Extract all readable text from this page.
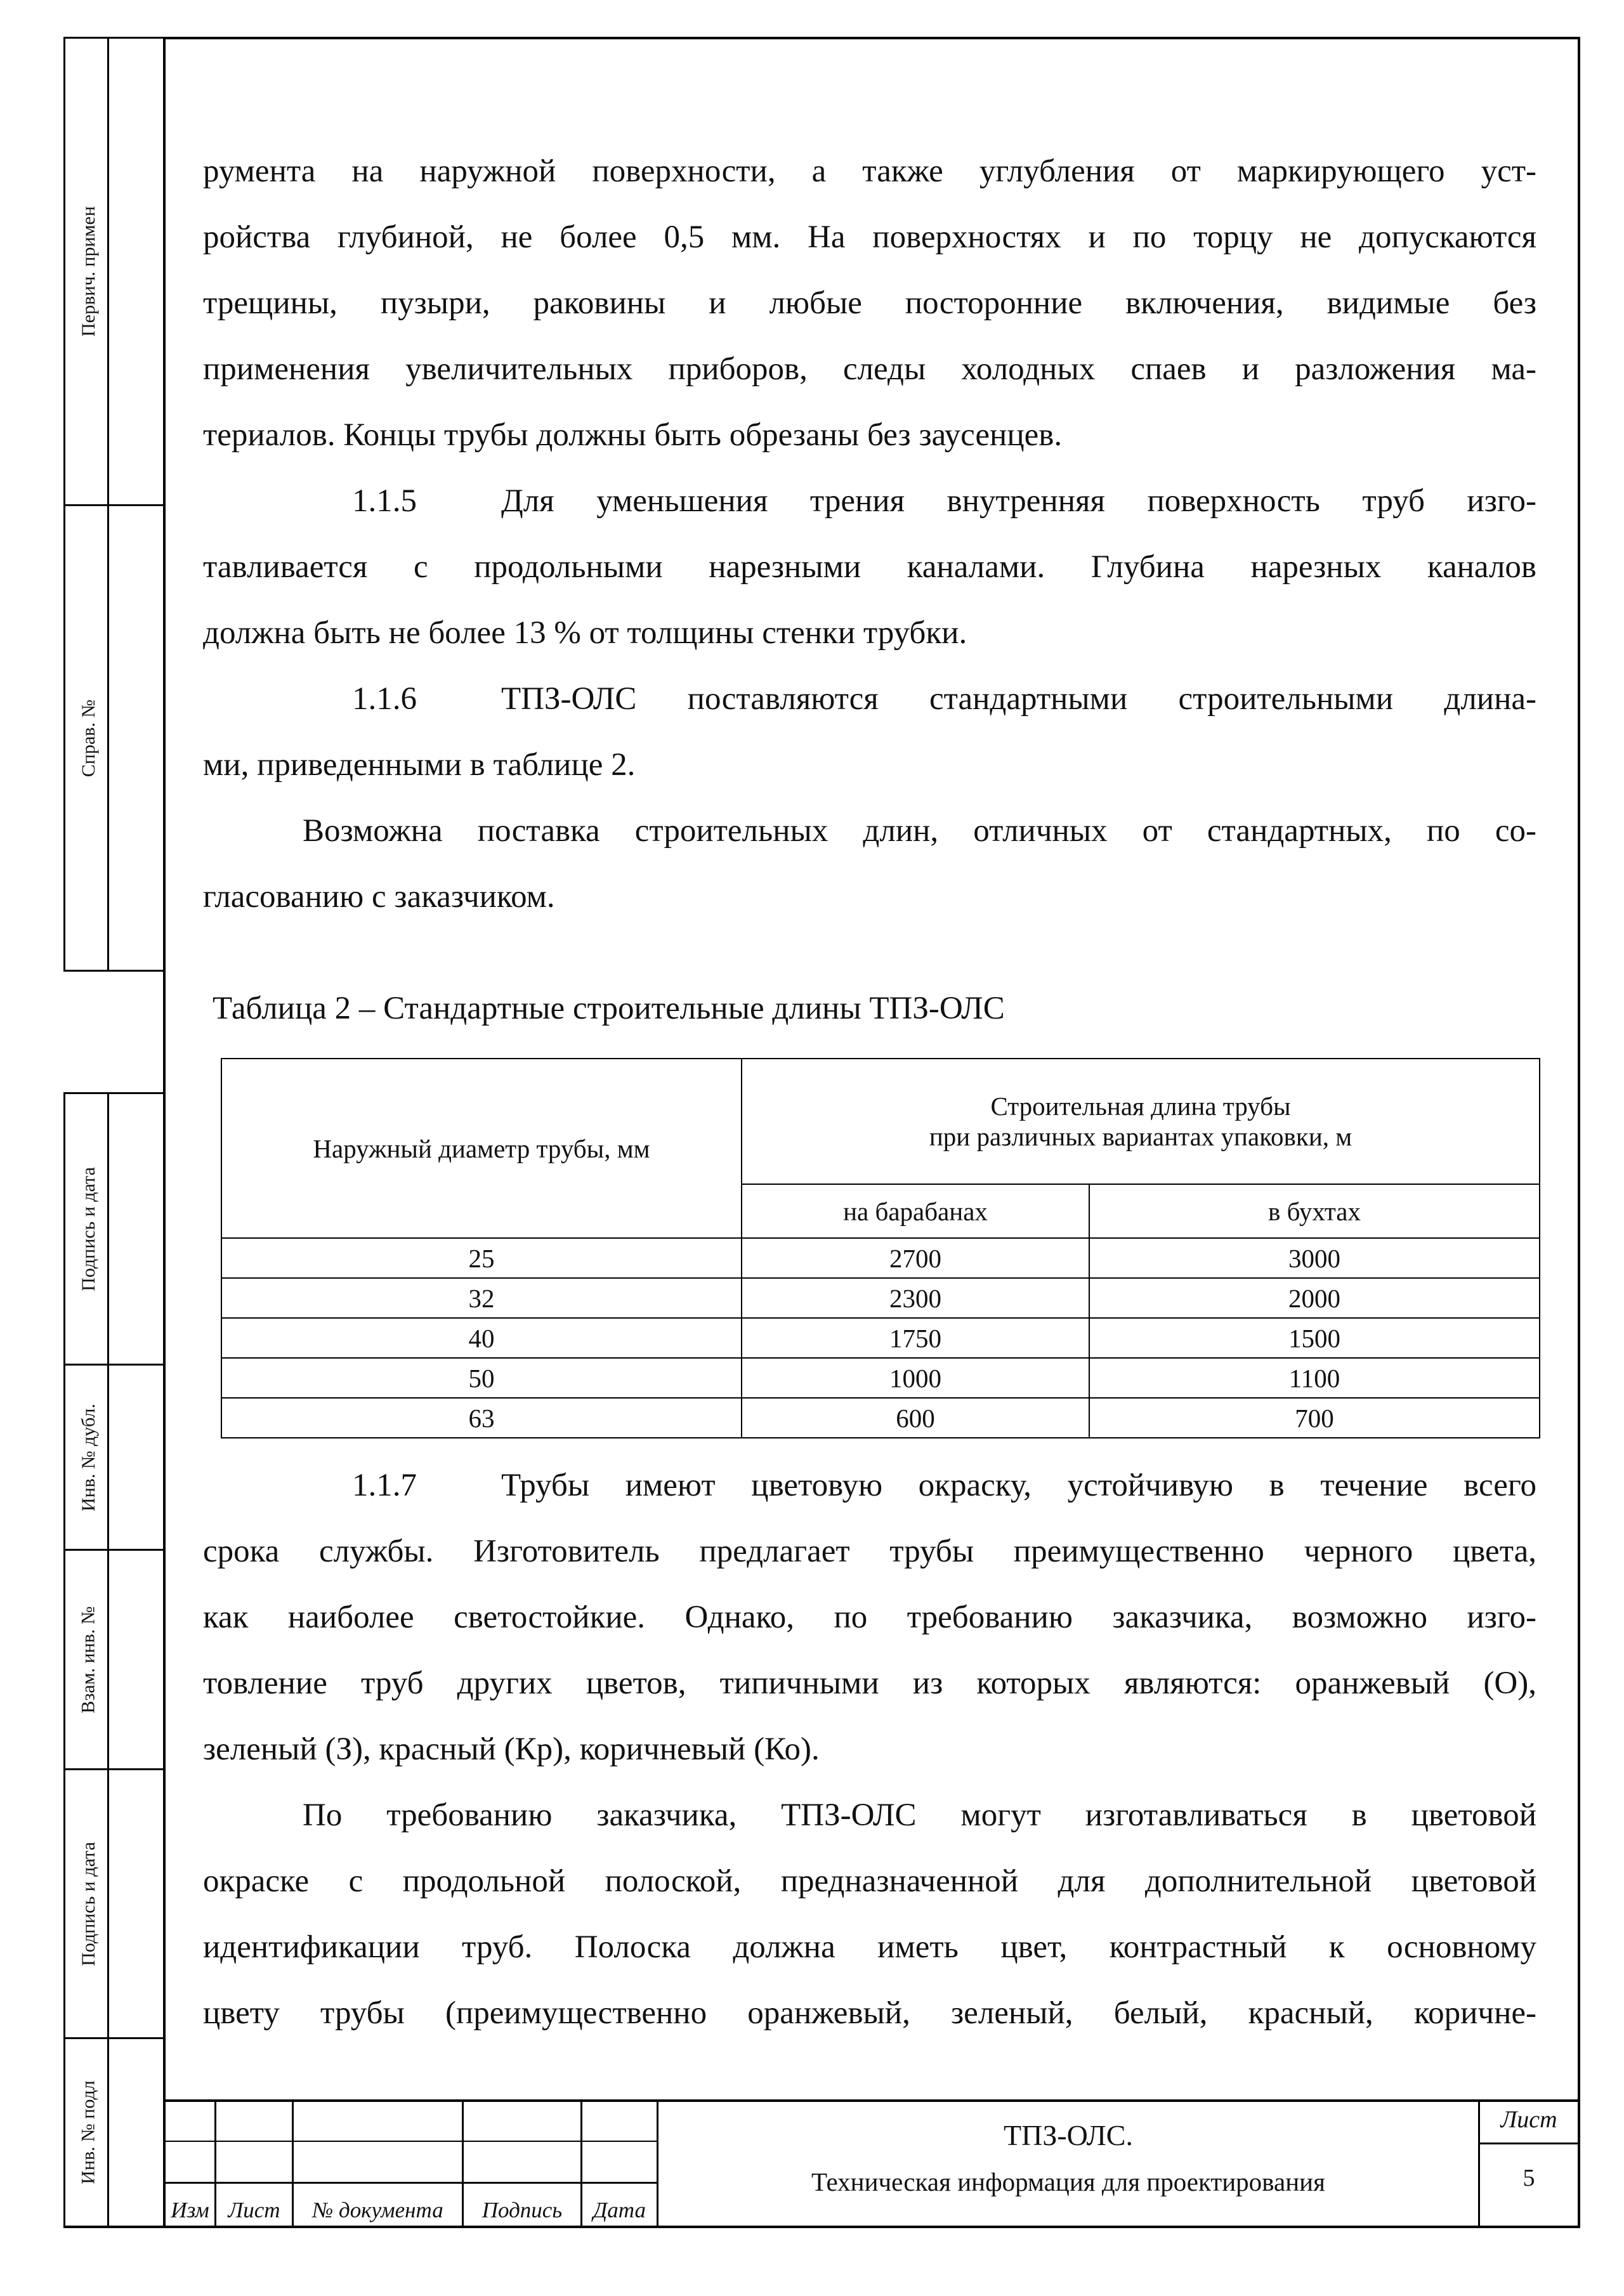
Первич. примен
Справ. №
Подпись и дата
Инв. № дубл.
Взам. инв. №
Подпись и дата
Инв. № подл
румента на наружной поверхности, а также углубления от маркирующего уст-
ройства глубиной, не более 0,5 мм. На поверхностях и по торцу не допускаются
трещины, пузыри, раковины и любые посторонние включения, видимые без
применения увеличительных приборов, следы холодных спаев и разложения ма-
териалов. Концы трубы должны быть обрезаны без заусенцев.
1.1.5	Для уменьшения трения внутренняя поверхность труб изго-
тавливается с продольными нарезными каналами. Глубина нарезных каналов
должна быть не более 13 % от толщины стенки трубки.
1.1.6	ТПЗ-ОЛС поставляются стандартными строительными длина-
ми, приведенными в таблице 2.
Возможна поставка строительных длин, отличных от стандартных, по со-
гласованию с заказчиком.
Таблица 2 – Стандартные строительные длины ТПЗ-ОЛС
Наружный диаметр трубы, мм	Строительная длина трубы
при различных вариантах упаковки, м	

	на барабанах	в бухтах
25	2700	3000
32	2300	2000
40	1750	1500
50	1000	1100
63	600	700
1.1.7	Трубы имеют цветовую окраску, устойчивую в течение всего
срока службы. Изготовитель предлагает трубы преимущественно черного цвета,
как наиболее светостойкие. Однако, по требованию заказчика, возможно изго-
товление труб других цветов, типичными из которых являются: оранжевый (О),
зеленый (З), красный (Кр), коричневый (Ко).
По требованию заказчика, ТПЗ-ОЛС могут изготавливаться в цветовой
окраске с продольной полоской, предназначенной для дополнительной цветовой
идентификации труб. Полоска должна иметь цвет, контрастный к основному
цвету трубы (преимущественно оранжевый, зеленый, белый, красный, коричне-
Изм Лист	№ документа	Подпись	Дата
ТПЗ-ОЛС.
Техническая информация для проектирования
Лист
5
